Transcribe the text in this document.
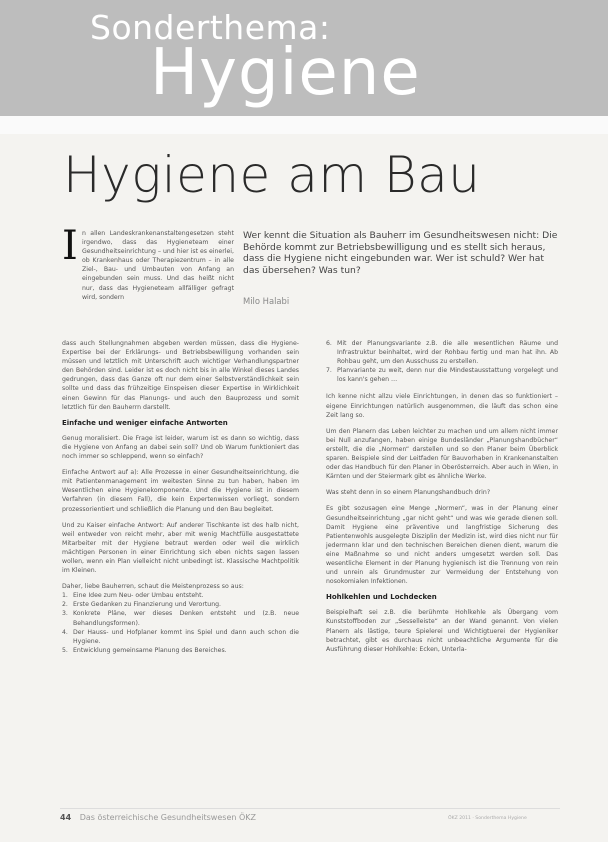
Sonderthema:
Hygiene
Hygiene am Bau
I n allen Landeskrankenanstaltengesetzen steht irgendwo, dass das Hygieneteam einer Gesundheitseinrichtung – und hier ist es einerlei, ob Krankenhaus oder Therapiezentrum – in alle Ziel-, Bau- und Umbauten von Anfang an eingebunden sein muss. Und das heißt nicht nur, dass das Hygieneteam allfälliger gefragt wird, sondern

Wer kennt die Situation als Bauherr im Gesundheitswesen nicht: Die Behörde kommt zur Betriebsbewilligung und es stellt sich heraus, dass die Hygiene nicht eingebunden war. Wer ist schuld? Wer hat das übersehen? Was tun?
Milo Halabi

dass auch Stellungnahmen abgeben werden müssen, dass die Hygiene-Expertise bei der Erklärungs- und Betriebsbewilligung vorhanden sein müssen und letztlich mit Unterschrift auch wichtiger Verhandlungspartner den Behörden sind. Leider ist es doch nicht bis in alle Winkel dieses Landes gedrungen, dass das Ganze oft nur dem einer Selbstverständlichkeit sein sollte und dass das frühzeitige Einspeisen dieser Expertise in Wirklichkeit einen Gewinn für das Planungs- und auch den Bauprozess und somit letztlich für den Bauherrn darstellt.

Einfache und weniger einfache Antworten

Genug moralisiert. Die Frage ist leider, warum ist es dann so wichtig, dass die Hygiene von Anfang an dabei sein soll? Und ob Warum funktioniert das noch immer so schleppend, wenn so einfach?

Einfache Antwort auf a): Alle Prozesse in einer Gesundheitseinrichtung, die mit Patientenmanagement im weitesten Sinne zu tun haben, haben im Wesentlichen eine Hygienekomponente. Und die Hygiene ist in diesem Verfahren (in diesem Fall), die kein Expertenwissen vorliegt, sondern prozessorientiert und schließlich die Planung und den Bau begleitet.

Und zu Kaiser einfache Antwort: Auf anderer Tischkante ist des halb nicht, weil entweder von reicht mehr, aber mit wenig Machtfülle ausgestattete Mitarbeiter mit der Hygiene betraut werden oder weil die wirklich mächtigen Personen in einer Einrichtung sich eben nichts sagen lassen wollen, wenn ein Plan vielleicht nicht unbedingt ist. Klassische Machtpolitik im Kleinen.

Daher, liebe Bauherren, schaut die Meistenprozess so aus:

1. Eine Idee zum Neu- oder Umbau entsteht.
2. Erste Gedanken zu Finanzierung und Verortung.
3. Konkrete Pläne, wer dieses Denken entsteht und (z.B. neue Behandlungsformen).
4. Der Hauss- und Hofplaner kommt ins Spiel und dann auch schon die Hygiene.
5. Entwicklung gemeinsame Planung des Bereiches.
6. Mit der Planungsvariante z.B. die alle wesentlichen Räume und Infrastruktur beinhaltet, wird der Rohbau fertig und man hat ihn. Ab Rohbau geht, um den Ausschuss zu erstellen.
7. Planvariante zu weit, denn nur die Mindestausstattung vorgelegt und los kann's gehen …

Ich kenne nicht allzu viele Einrichtungen, in denen das so funktioniert – eigene Einrichtungen natürlich ausgenommen, die läuft das schon eine Zeit lang so.

Um den Planern das Leben leichter zu machen und um allem nicht immer bei Null anzufangen, haben einige Bundesländer „Planungshandbücher“ erstellt, die die „Normen“ darstellen und so den Planer beim Überblick sparen. Beispiele sind der Leitfaden für Bauvorhaben in Krankenanstalten oder das Handbuch für den Planer in Oberösterreich. Aber auch in Wien, in Kärnten und der Steiermark gibt es ähnliche Werke.

Was steht denn in so einem Planungshandbuch drin?

Es gibt sozusagen eine Menge „Normen“, was in der Planung einer Gesundheitseinrichtung „gar nicht geht“ und was wie gerade dienen soll. Damit Hygiene eine präventive und langfristige Sicherung des Patientenwohls ausgelegte Disziplin der Medizin ist, wird dies nicht nur für jedermann klar und den technischen Bereichen dienen dient, warum die eine Maßnahme so und nicht anders umgesetzt werden soll. Das wesentliche Element in der Planung hygienisch ist die Trennung von rein und unrein als Grundmuster zur Vermeidung der Entstehung von nosokomialen Infektionen.

Hohlkehlen und Lochdecken

Beispielhaft sei z.B. die berühmte Hohlkehle als Übergang vom Kunststoffboden zur „Sesselleiste“ an der Wand genannt. Von vielen Planern als lästige, teure Spielerei und Wichtigtuerei der Hygieniker betrachtet, gibt es durchaus nicht unbeachtliche Argumente für die Ausführung dieser Hohlkehle: Ecken, Unterla-

44 Das österreichische Gesundheitswesen ÖKZ	ÖKZ 2011 · Sonderthema Hygiene
